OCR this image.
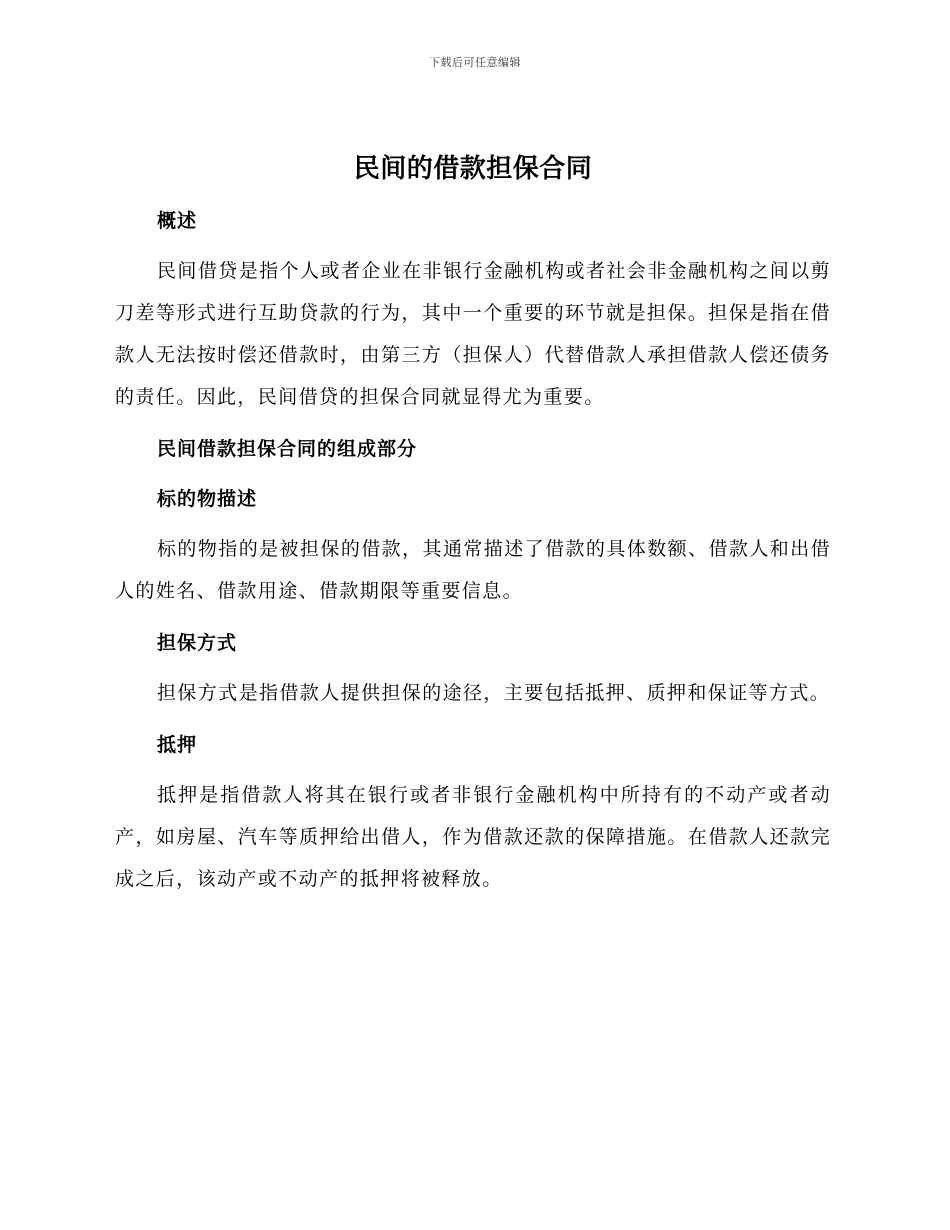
下载后可任意编辑
民间的借款担保合同
概述

民间借贷是指个人或者企业在非银行金融机构或者社会非金融机构之间以剪刀差等形式进行互助贷款的行为，其中一个重要的环节就是担保。担保是指在借款人无法按时偿还借款时，由第三方（担保人）代替借款人承担借款人偿还债务的责任。因此，民间借贷的担保合同就显得尤为重要。

民间借款担保合同的组成部分
标的物描述

标的物指的是被担保的借款，其通常描述了借款的具体数额、借款人和出借人的姓名、借款用途、借款期限等重要信息。

担保方式

担保方式是指借款人提供担保的途径，主要包括抵押、质押和保证等方式。

抵押

抵押是指借款人将其在银行或者非银行金融机构中所持有的不动产或者动产，如房屋、汽车等质押给出借人，作为借款还款的保障措施。在借款人还款完成之后，该动产或不动产的抵押将被释放。
